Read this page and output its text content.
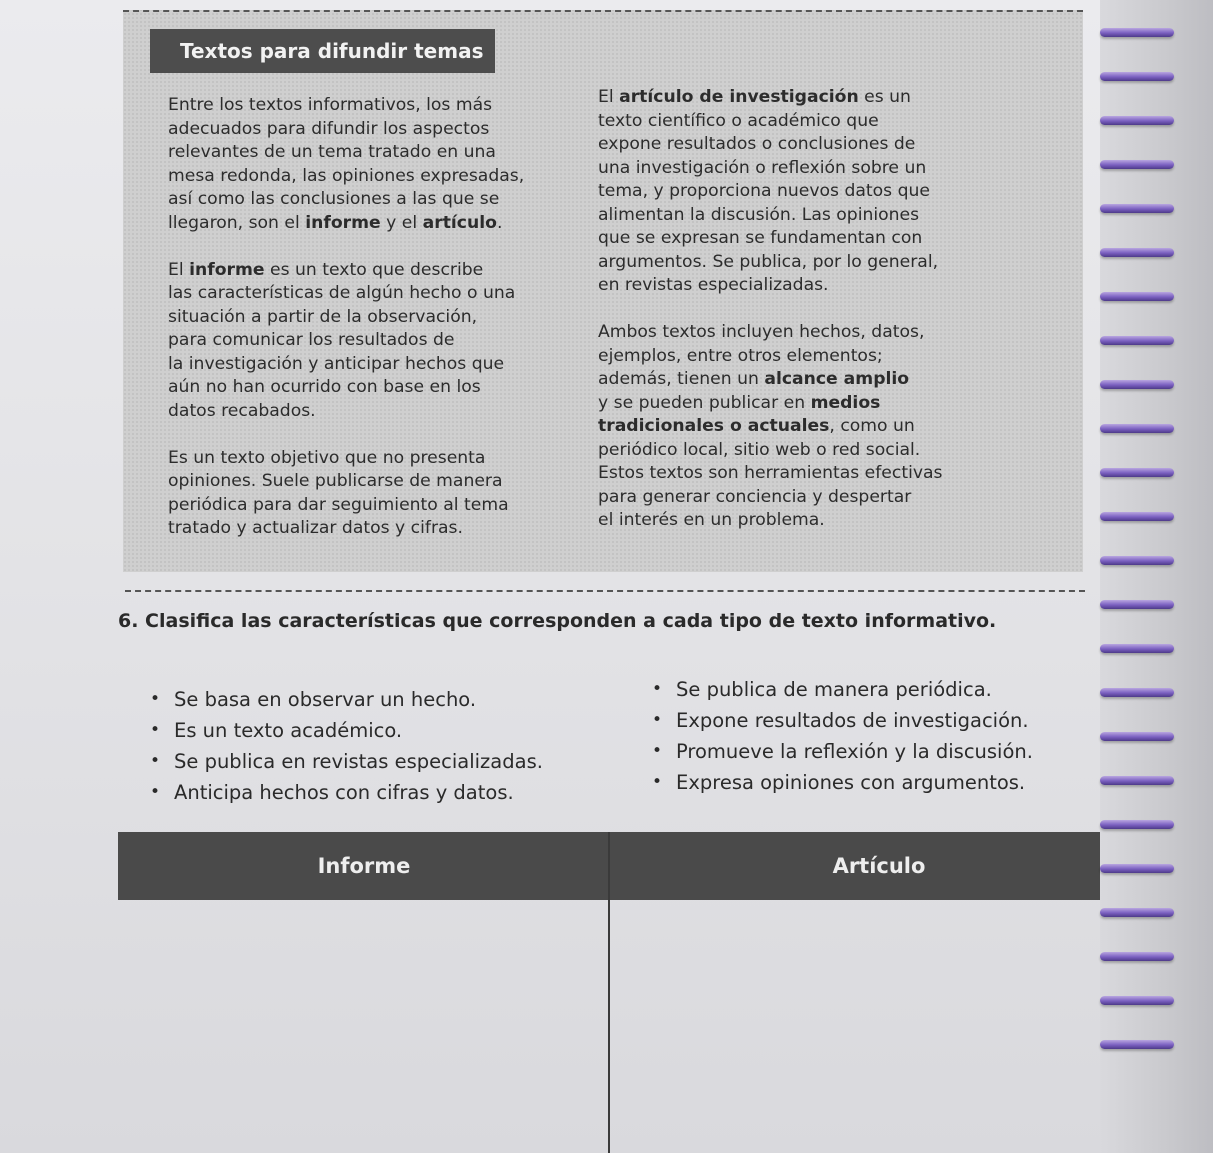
Textos para difundir temas

Entre los textos informativos, los más

adecuados para difundir los aspectos

relevantes de un tema tratado en una

mesa redonda, las opiniones expresadas,

así como las conclusiones a las que se

llegaron, son el informe y el artículo.

El informe es un texto que describe

las características de algún hecho o una

situación a partir de la observación,

para comunicar los resultados de

la investigación y anticipar hechos que

aún no han ocurrido con base en los

datos recabados.

Es un texto objetivo que no presenta

opiniones. Suele publicarse de manera

periódica para dar seguimiento al tema

tratado y actualizar datos y cifras.

El artículo de investigación es un

texto científico o académico que

expone resultados o conclusiones de

una investigación o reflexión sobre un

tema, y proporciona nuevos datos que

alimentan la discusión. Las opiniones

que se expresan se fundamentan con

argumentos. Se publica, por lo general,

en revistas especializadas.

Ambos textos incluyen hechos, datos,

ejemplos, entre otros elementos;

además, tienen un alcance amplio

y se pueden publicar en medios

tradicionales o actuales, como un

periódico local, sitio web o red social.

Estos textos son herramientas efectivas

para generar conciencia y despertar

el interés en un problema.

6. Clasifica las características que corresponden a cada tipo de texto informativo.
• Se basa en observar un hecho.
• Es un texto académico.
• Se publica en revistas especializadas.
• Anticipa hechos con cifras y datos.
• Se publica de manera periódica.
• Expone resultados de investigación.
• Promueve la reflexión y la discusión.
• Expresa opiniones con argumentos.
Informe	Artículo
